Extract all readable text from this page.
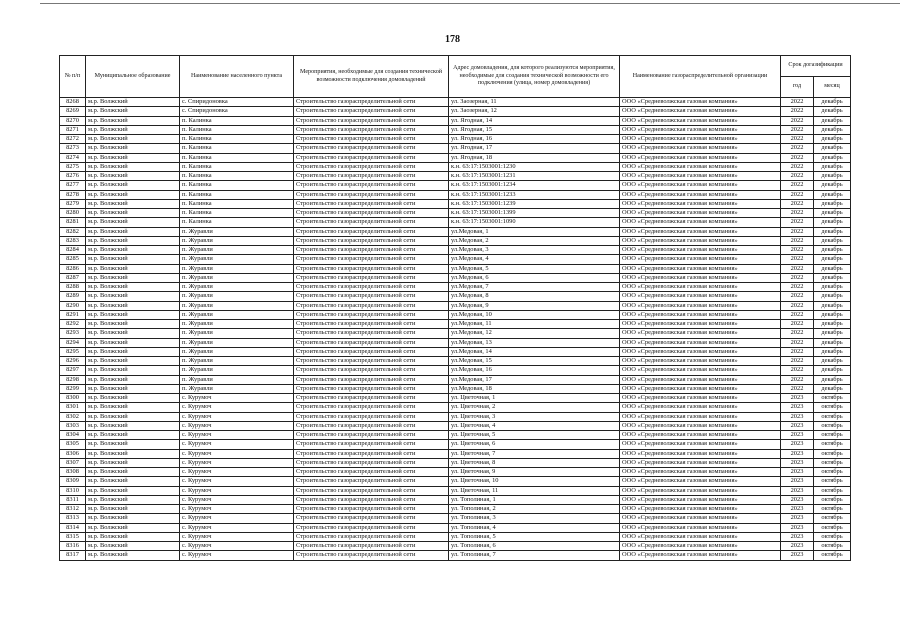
178
№ п/п	Муниципальное образование	Наименование населенного пункта	Мероприятия, необходимые для создания технической возможности подключения домовладений	Адрес домовладения, для которого реализуются мероприятия, необходимые для создания технической возможности его подключения (улица, номер домовладения)	Наименование газораспределительной организации	Срок догазификации	
						год	месяц
8268	м.р. Волжский	с. Спиридоновка	Строительство газораспределительной сети	ул. Заозерная, 11	ООО «Средневолжская газовая компания»	2022	декабрь
8269	м.р. Волжский	с. Спиридоновка	Строительство газораспределительной сети	ул. Заозерная, 12	ООО «Средневолжская газовая компания»	2022	декабрь
8270	м.р. Волжский	п. Калинка	Строительство газораспределительной сети	ул. Ягодная, 14	ООО «Средневолжская газовая компания»	2022	декабрь
8271	м.р. Волжский	п. Калинка	Строительство газораспределительной сети	ул. Ягодная, 15	ООО «Средневолжская газовая компания»	2022	декабрь
8272	м.р. Волжский	п. Калинка	Строительство газораспределительной сети	ул. Ягодная, 16	ООО «Средневолжская газовая компания»	2022	декабрь
8273	м.р. Волжский	п. Калинка	Строительство газораспределительной сети	ул. Ягодная, 17	ООО «Средневолжская газовая компания»	2022	декабрь
8274	м.р. Волжский	п. Калинка	Строительство газораспределительной сети	ул. Ягодная, 18	ООО «Средневолжская газовая компания»	2022	декабрь
8275	м.р. Волжский	п. Калинка	Строительство газораспределительной сети	к.н. 63:17:1503001:1230	ООО «Средневолжская газовая компания»	2022	декабрь
8276	м.р. Волжский	п. Калинка	Строительство газораспределительной сети	к.н. 63:17:1503001:1231	ООО «Средневолжская газовая компания»	2022	декабрь
8277	м.р. Волжский	п. Калинка	Строительство газораспределительной сети	к.н. 63:17:1503001:1234	ООО «Средневолжская газовая компания»	2022	декабрь
8278	м.р. Волжский	п. Калинка	Строительство газораспределительной сети	к.н. 63:17:1503001:1233	ООО «Средневолжская газовая компания»	2022	декабрь
8279	м.р. Волжский	п. Калинка	Строительство газораспределительной сети	к.н. 63:17:1503001:1239	ООО «Средневолжская газовая компания»	2022	декабрь
8280	м.р. Волжский	п. Калинка	Строительство газораспределительной сети	к.н. 63:17:1503001:1399	ООО «Средневолжская газовая компания»	2022	декабрь
8281	м.р. Волжский	п. Калинка	Строительство газораспределительной сети	к.н. 63:17:1503001:1090	ООО «Средневолжская газовая компания»	2022	декабрь
8282	м.р. Волжский	п. Журавли	Строительство газораспределительной сети	ул.Медовая, 1	ООО «Средневолжская газовая компания»	2022	декабрь
8283	м.р. Волжский	п. Журавли	Строительство газораспределительной сети	ул.Медовая, 2	ООО «Средневолжская газовая компания»	2022	декабрь
8284	м.р. Волжский	п. Журавли	Строительство газораспределительной сети	ул.Медовая, 3	ООО «Средневолжская газовая компания»	2022	декабрь
8285	м.р. Волжский	п. Журавли	Строительство газораспределительной сети	ул.Медовая, 4	ООО «Средневолжская газовая компания»	2022	декабрь
8286	м.р. Волжский	п. Журавли	Строительство газораспределительной сети	ул.Медовая, 5	ООО «Средневолжская газовая компания»	2022	декабрь
8287	м.р. Волжский	п. Журавли	Строительство газораспределительной сети	ул.Медовая, 6	ООО «Средневолжская газовая компания»	2022	декабрь
8288	м.р. Волжский	п. Журавли	Строительство газораспределительной сети	ул.Медовая, 7	ООО «Средневолжская газовая компания»	2022	декабрь
8289	м.р. Волжский	п. Журавли	Строительство газораспределительной сети	ул.Медовая, 8	ООО «Средневолжская газовая компания»	2022	декабрь
8290	м.р. Волжский	п. Журавли	Строительство газораспределительной сети	ул.Медовая, 9	ООО «Средневолжская газовая компания»	2022	декабрь
8291	м.р. Волжский	п. Журавли	Строительство газораспределительной сети	ул.Медовая, 10	ООО «Средневолжская газовая компания»	2022	декабрь
8292	м.р. Волжский	п. Журавли	Строительство газораспределительной сети	ул.Медовая, 11	ООО «Средневолжская газовая компания»	2022	декабрь
8293	м.р. Волжский	п. Журавли	Строительство газораспределительной сети	ул.Медовая, 12	ООО «Средневолжская газовая компания»	2022	декабрь
8294	м.р. Волжский	п. Журавли	Строительство газораспределительной сети	ул.Медовая, 13	ООО «Средневолжская газовая компания»	2022	декабрь
8295	м.р. Волжский	п. Журавли	Строительство газораспределительной сети	ул.Медовая, 14	ООО «Средневолжская газовая компания»	2022	декабрь
8296	м.р. Волжский	п. Журавли	Строительство газораспределительной сети	ул.Медовая, 15	ООО «Средневолжская газовая компания»	2022	декабрь
8297	м.р. Волжский	п. Журавли	Строительство газораспределительной сети	ул.Медовая, 16	ООО «Средневолжская газовая компания»	2022	декабрь
8298	м.р. Волжский	п. Журавли	Строительство газораспределительной сети	ул.Медовая, 17	ООО «Средневолжская газовая компания»	2022	декабрь
8299	м.р. Волжский	п. Журавли	Строительство газораспределительной сети	ул.Медовая, 18	ООО «Средневолжская газовая компания»	2022	декабрь
8300	м.р. Волжский	с. Курумоч	Строительство газораспределительной сети	ул. Цветочная, 1	ООО «Средневолжская газовая компания»	2023	октябрь
8301	м.р. Волжский	с. Курумоч	Строительство газораспределительной сети	ул. Цветочная, 2	ООО «Средневолжская газовая компания»	2023	октябрь
8302	м.р. Волжский	с. Курумоч	Строительство газораспределительной сети	ул. Цветочная, 3	ООО «Средневолжская газовая компания»	2023	октябрь
8303	м.р. Волжский	с. Курумоч	Строительство газораспределительной сети	ул. Цветочная, 4	ООО «Средневолжская газовая компания»	2023	октябрь
8304	м.р. Волжский	с. Курумоч	Строительство газораспределительной сети	ул. Цветочная, 5	ООО «Средневолжская газовая компания»	2023	октябрь
8305	м.р. Волжский	с. Курумоч	Строительство газораспределительной сети	ул. Цветочная, 6	ООО «Средневолжская газовая компания»	2023	октябрь
8306	м.р. Волжский	с. Курумоч	Строительство газораспределительной сети	ул. Цветочная, 7	ООО «Средневолжская газовая компания»	2023	октябрь
8307	м.р. Волжский	с. Курумоч	Строительство газораспределительной сети	ул. Цветочная, 8	ООО «Средневолжская газовая компания»	2023	октябрь
8308	м.р. Волжский	с. Курумоч	Строительство газораспределительной сети	ул. Цветочная, 9	ООО «Средневолжская газовая компания»	2023	октябрь
8309	м.р. Волжский	с. Курумоч	Строительство газораспределительной сети	ул. Цветочная, 10	ООО «Средневолжская газовая компания»	2023	октябрь
8310	м.р. Волжский	с. Курумоч	Строительство газораспределительной сети	ул. Цветочная, 11	ООО «Средневолжская газовая компания»	2023	октябрь
8311	м.р. Волжский	с. Курумоч	Строительство газораспределительной сети	ул. Тополиная, 1	ООО «Средневолжская газовая компания»	2023	октябрь
8312	м.р. Волжский	с. Курумоч	Строительство газораспределительной сети	ул. Тополиная, 2	ООО «Средневолжская газовая компания»	2023	октябрь
8313	м.р. Волжский	с. Курумоч	Строительство газораспределительной сети	ул. Тополиная, 3	ООО «Средневолжская газовая компания»	2023	октябрь
8314	м.р. Волжский	с. Курумоч	Строительство газораспределительной сети	ул. Тополиная, 4	ООО «Средневолжская газовая компания»	2023	октябрь
8315	м.р. Волжский	с. Курумоч	Строительство газораспределительной сети	ул. Тополиная, 5	ООО «Средневолжская газовая компания»	2023	октябрь
8316	м.р. Волжский	с. Курумоч	Строительство газораспределительной сети	ул. Тополиная, 6	ООО «Средневолжская газовая компания»	2023	октябрь
8317	м.р. Волжский	с. Курумоч	Строительство газораспределительной сети	ул. Тополиная, 7	ООО «Средневолжская газовая компания»	2023	октябрь
